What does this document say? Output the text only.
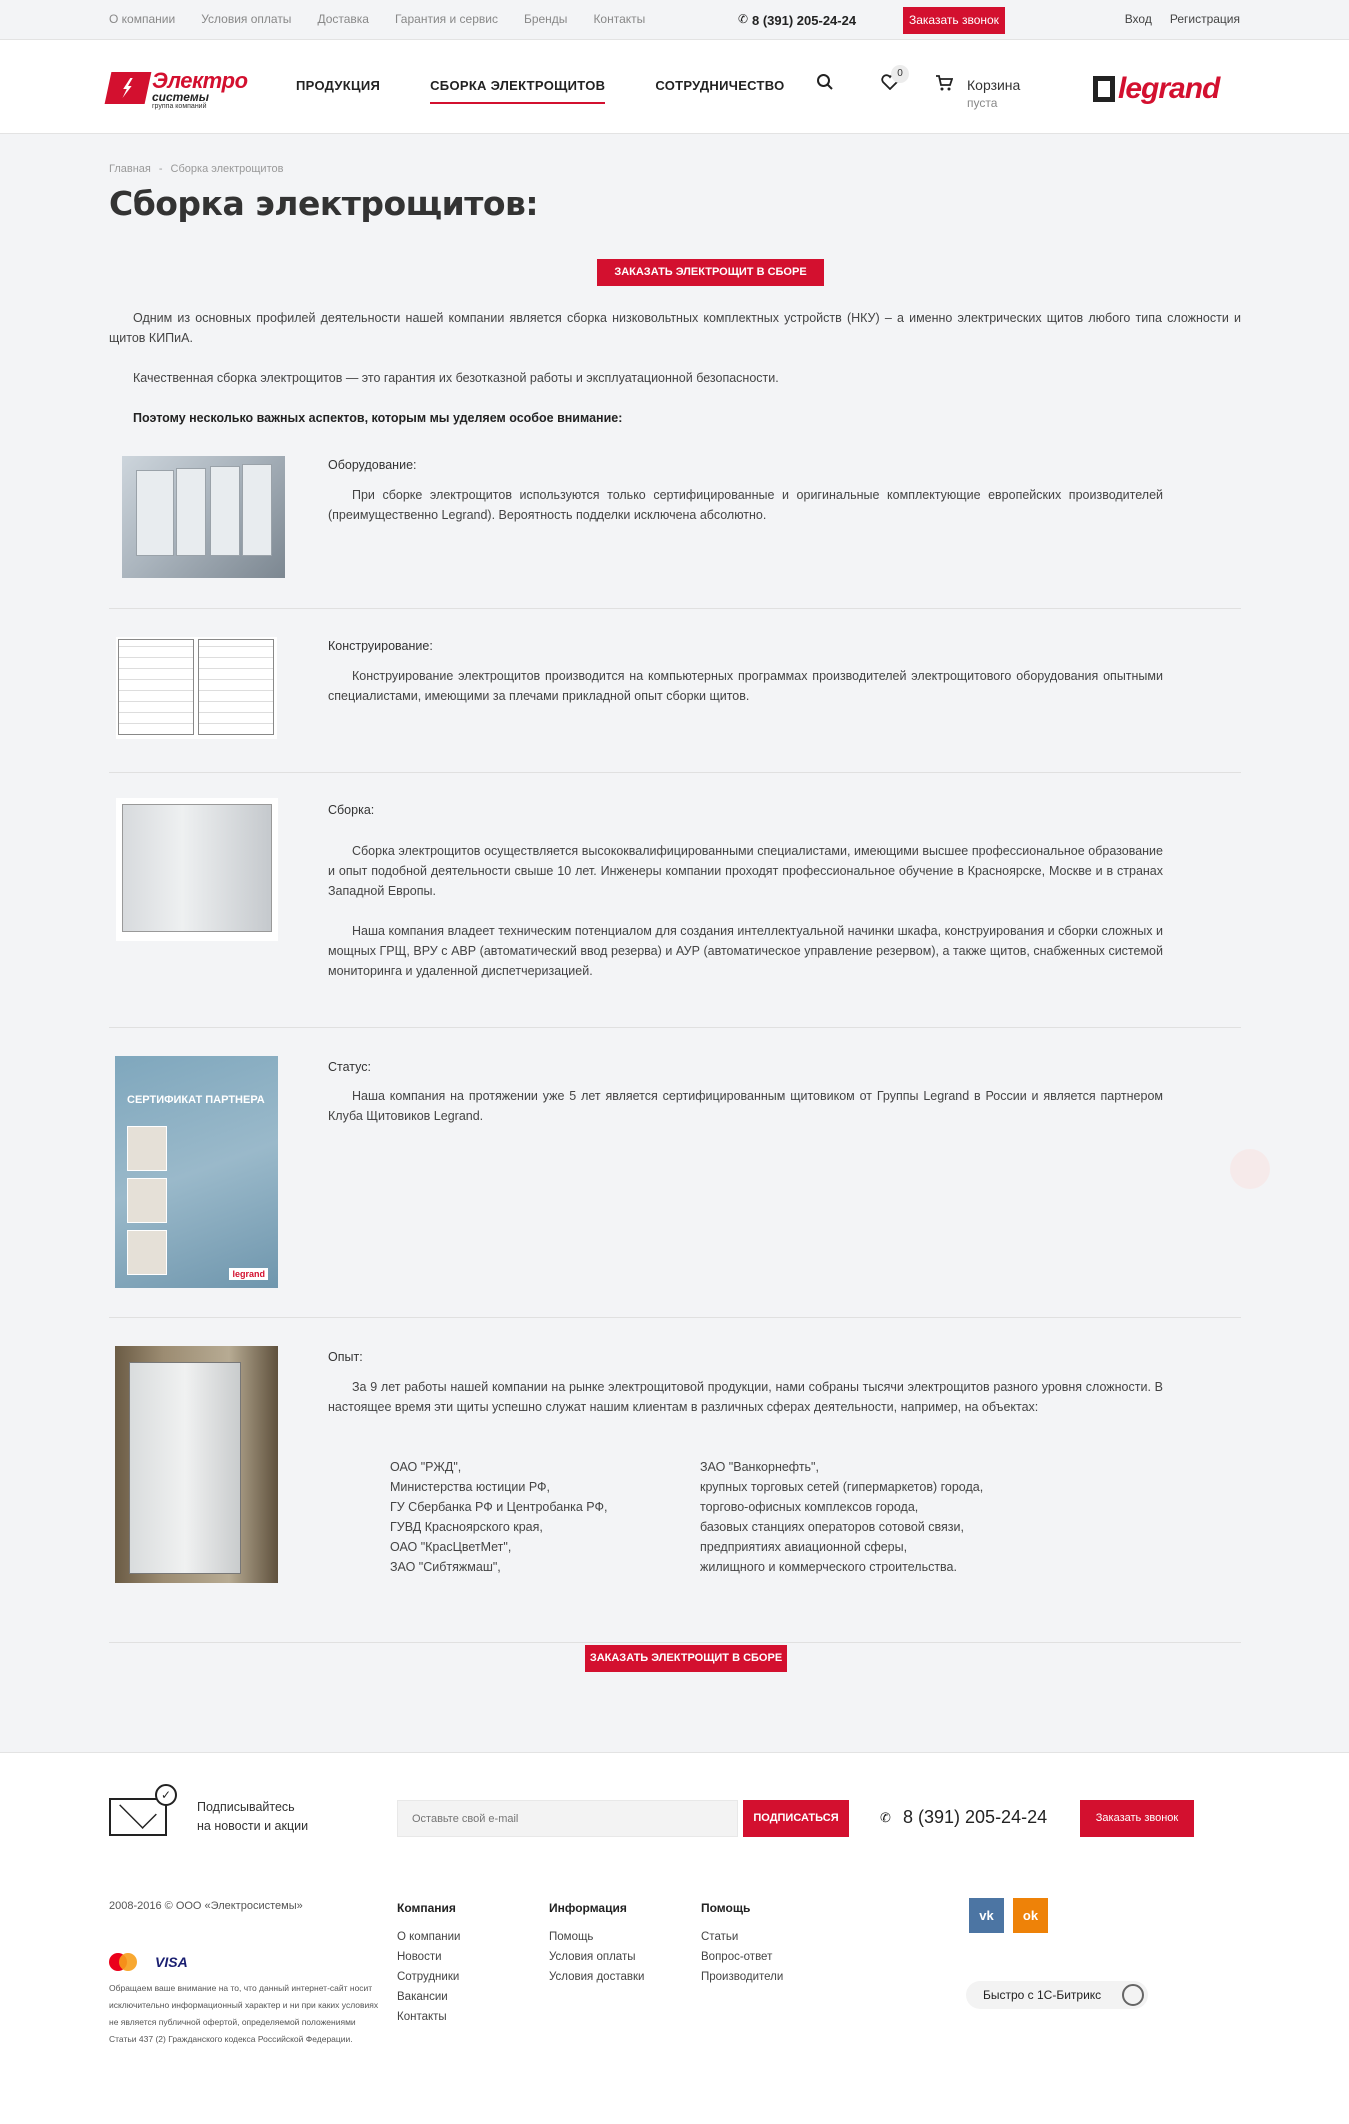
О компании Условия оплаты Доставка Гарантия и сервис Бренды Контакты	✆ 8 (391) 205-24-24	Заказать звонок	Вход Регистрация
Электро
системы
группа компаний
ПРОДУКЦИЯ	СБОРКА ЭЛЕКТРОЩИТОВ	СОТРУДНИЧЕСТВО
0
Корзина
пуста	legrand
Главная - Сборка электрощитов
Сборка электрощитов:
ЗАКАЗАТЬ ЭЛЕКТРОЩИТ В СБОРЕ

Одним из основных профилей деятельности нашей компании является сборка низковольтных комплектных устройств (НКУ) – а именно электрических щитов любого типа сложности и щитов КИПиА.

Качественная сборка электрощитов — это гарантия их безотказной работы и эксплуатационной безопасности.

Поэтому несколько важных аспектов, которым мы уделяем особое внимание:

Оборудование:

При сборке электрощитов используются только сертифицированные и оригинальные комплектующие европейских производителей (преимущественно Legrand). Вероятность подделки исключена абсолютно.

Конструирование:

Конструирование электрощитов производится на компьютерных программах производителей электрощитового оборудования опытными специалистами, имеющими за плечами прикладной опыт сборки щитов.

Сборка:

Сборка электрощитов осуществляется высококвалифицированными специалистами, имеющими высшее профессиональное образование и опыт подобной деятельности свыше 10 лет. Инженеры компании проходят профессиональное обучение в Красноярске, Москве и в странах Западной Европы.

Наша компания владеет техническим потенциалом для создания интеллектуальной начинки шкафа, конструирования и сборки сложных и мощных ГРЩ, ВРУ с АВР (автоматический ввод резерва) и АУР (автоматическое управление резервом), а также щитов, снабженных системой мониторинга и удаленной диспетчеризацией.

СЕРТИФИКАТ ПАРТНЕРА
legrand
Статус:

Наша компания на протяжении уже 5 лет является сертифицированным щитовиком от Группы Legrand в России и является партнером Клуба Щитовиков Legrand.

Опыт:

За 9 лет работы нашей компании на рынке электрощитовой продукции, нами собраны тысячи электрощитов разного уровня сложности. В настоящее время эти щиты успешно служат нашим клиентам в различных сферах деятельности, например, на объектах:

ОАО "РЖД",
Министерства юстиции РФ,
ГУ Сбербанка РФ и Центробанка РФ,
ГУВД Красноярского края,
ОАО "КрасЦветМет",
ЗАО "Сибтяжмаш",
ЗАО "Ванкорнефть",
крупных торговых сетей (гипермаркетов) города,
торгово-офисных комплексов города,
базовых станциях операторов сотовой связи,
предприятиях авиационной сферы,
жилищного и коммерческого строительства.
ЗАКАЗАТЬ ЭЛЕКТРОЩИТ В СБОРЕ
✓
Подписывайтесь
на новости и акции
Оставьте свой e-mail
ПОДПИСАТЬСЯ	✆ 8 (391) 205-24-24	Заказать звонок
2008-2016 © ООО «Электросистемы»
VISA
Обращаем ваше внимание на то, что данный интернет-сайт носит исключительно информационный характер и ни при каких условиях не является публичной офертой, определяемой положениями Статьи 437 (2) Гражданского кодекса Российской Федерации.
Компания
О компании
Новости
Сотрудники
Вакансии
Контакты
Информация
Помощь
Условия оплаты
Условия доставки
Помощь
Статьи
Вопрос-ответ
Производители
vk	ok
Быстро с 1С-Битрикс
